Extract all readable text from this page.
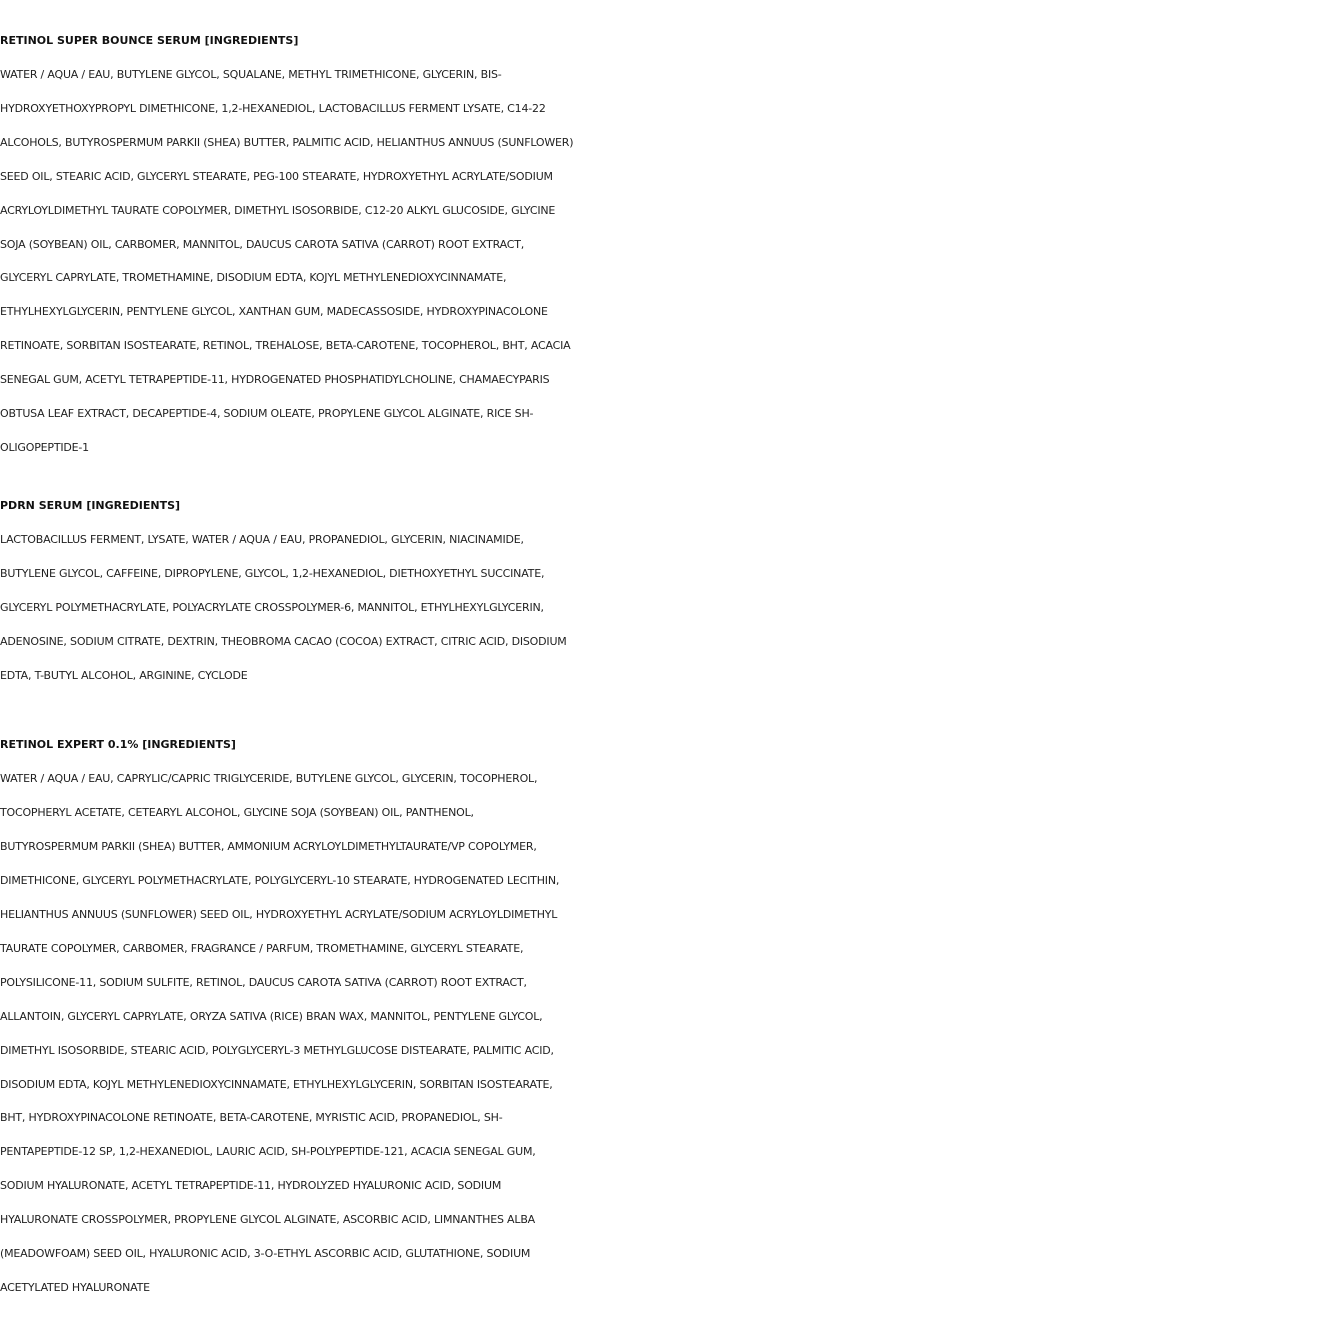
RETINOL SUPER BOUNCE SERUM [INGREDIENTS]
WATER / AQUA / EAU, BUTYLENE GLYCOL, SQUALANE, METHYL TRIMETHICONE, GLYCERIN, BIS-
HYDROXYETHOXYPROPYL DIMETHICONE, 1,2-HEXANEDIOL, LACTOBACILLUS FERMENT LYSATE, C14-22
ALCOHOLS, BUTYROSPERMUM PARKII (SHEA) BUTTER, PALMITIC ACID, HELIANTHUS ANNUUS (SUNFLOWER)
SEED OIL, STEARIC ACID, GLYCERYL STEARATE, PEG-100 STEARATE, HYDROXYETHYL ACRYLATE/SODIUM
ACRYLOYLDIMETHYL TAURATE COPOLYMER, DIMETHYL ISOSORBIDE, C12-20 ALKYL GLUCOSIDE, GLYCINE
SOJA (SOYBEAN) OIL, CARBOMER, MANNITOL, DAUCUS CAROTA SATIVA (CARROT) ROOT EXTRACT,
GLYCERYL CAPRYLATE, TROMETHAMINE, DISODIUM EDTA, KOJYL METHYLENEDIOXYCINNAMATE,
ETHYLHEXYLGLYCERIN, PENTYLENE GLYCOL, XANTHAN GUM, MADECASSOSIDE, HYDROXYPINACOLONE
RETINOATE, SORBITAN ISOSTEARATE, RETINOL, TREHALOSE, BETA-CAROTENE, TOCOPHEROL, BHT, ACACIA
SENEGAL GUM, ACETYL TETRAPEPTIDE-11, HYDROGENATED PHOSPHATIDYLCHOLINE, CHAMAECYPARIS
OBTUSA LEAF EXTRACT, DECAPEPTIDE-4, SODIUM OLEATE, PROPYLENE GLYCOL ALGINATE, RICE SH-
OLIGOPEPTIDE-1
PDRN SERUM [INGREDIENTS]
LACTOBACILLUS FERMENT, LYSATE, WATER / AQUA / EAU, PROPANEDIOL, GLYCERIN, NIACINAMIDE,
BUTYLENE GLYCOL, CAFFEINE, DIPROPYLENE, GLYCOL, 1,2-HEXANEDIOL, DIETHOXYETHYL SUCCINATE,
GLYCERYL POLYMETHACRYLATE, POLYACRYLATE CROSSPOLYMER-6, MANNITOL, ETHYLHEXYLGLYCERIN,
ADENOSINE, SODIUM CITRATE, DEXTRIN, THEOBROMA CACAO (COCOA) EXTRACT, CITRIC ACID, DISODIUM
EDTA, T-BUTYL ALCOHOL, ARGININE, CYCLODE
RETINOL EXPERT 0.1% [INGREDIENTS]
WATER / AQUA / EAU, CAPRYLIC/CAPRIC TRIGLYCERIDE, BUTYLENE GLYCOL, GLYCERIN, TOCOPHEROL,
TOCOPHERYL ACETATE, CETEARYL ALCOHOL, GLYCINE SOJA (SOYBEAN) OIL, PANTHENOL,
BUTYROSPERMUM PARKII (SHEA) BUTTER, AMMONIUM ACRYLOYLDIMETHYLTAURATE/VP COPOLYMER,
DIMETHICONE, GLYCERYL POLYMETHACRYLATE, POLYGLYCERYL-10 STEARATE, HYDROGENATED LECITHIN,
HELIANTHUS ANNUUS (SUNFLOWER) SEED OIL, HYDROXYETHYL ACRYLATE/SODIUM ACRYLOYLDIMETHYL
TAURATE COPOLYMER, CARBOMER, FRAGRANCE / PARFUM, TROMETHAMINE, GLYCERYL STEARATE,
POLYSILICONE-11, SODIUM SULFITE, RETINOL, DAUCUS CAROTA SATIVA (CARROT) ROOT EXTRACT,
ALLANTOIN, GLYCERYL CAPRYLATE, ORYZA SATIVA (RICE) BRAN WAX, MANNITOL, PENTYLENE GLYCOL,
DIMETHYL ISOSORBIDE, STEARIC ACID, POLYGLYCERYL-3 METHYLGLUCOSE DISTEARATE, PALMITIC ACID,
DISODIUM EDTA, KOJYL METHYLENEDIOXYCINNAMATE, ETHYLHEXYLGLYCERIN, SORBITAN ISOSTEARATE,
BHT, HYDROXYPINACOLONE RETINOATE, BETA-CAROTENE, MYRISTIC ACID, PROPANEDIOL, SH-
PENTAPEPTIDE-12 SP, 1,2-HEXANEDIOL, LAURIC ACID, SH-POLYPEPTIDE-121, ACACIA SENEGAL GUM,
SODIUM HYALURONATE, ACETYL TETRAPEPTIDE-11, HYDROLYZED HYALURONIC ACID, SODIUM
HYALURONATE CROSSPOLYMER, PROPYLENE GLYCOL ALGINATE, ASCORBIC ACID, LIMNANTHES ALBA
(MEADOWFOAM) SEED OIL, HYALURONIC ACID, 3-O-ETHYL ASCORBIC ACID, GLUTATHIONE, SODIUM
ACETYLATED HYALURONATE
